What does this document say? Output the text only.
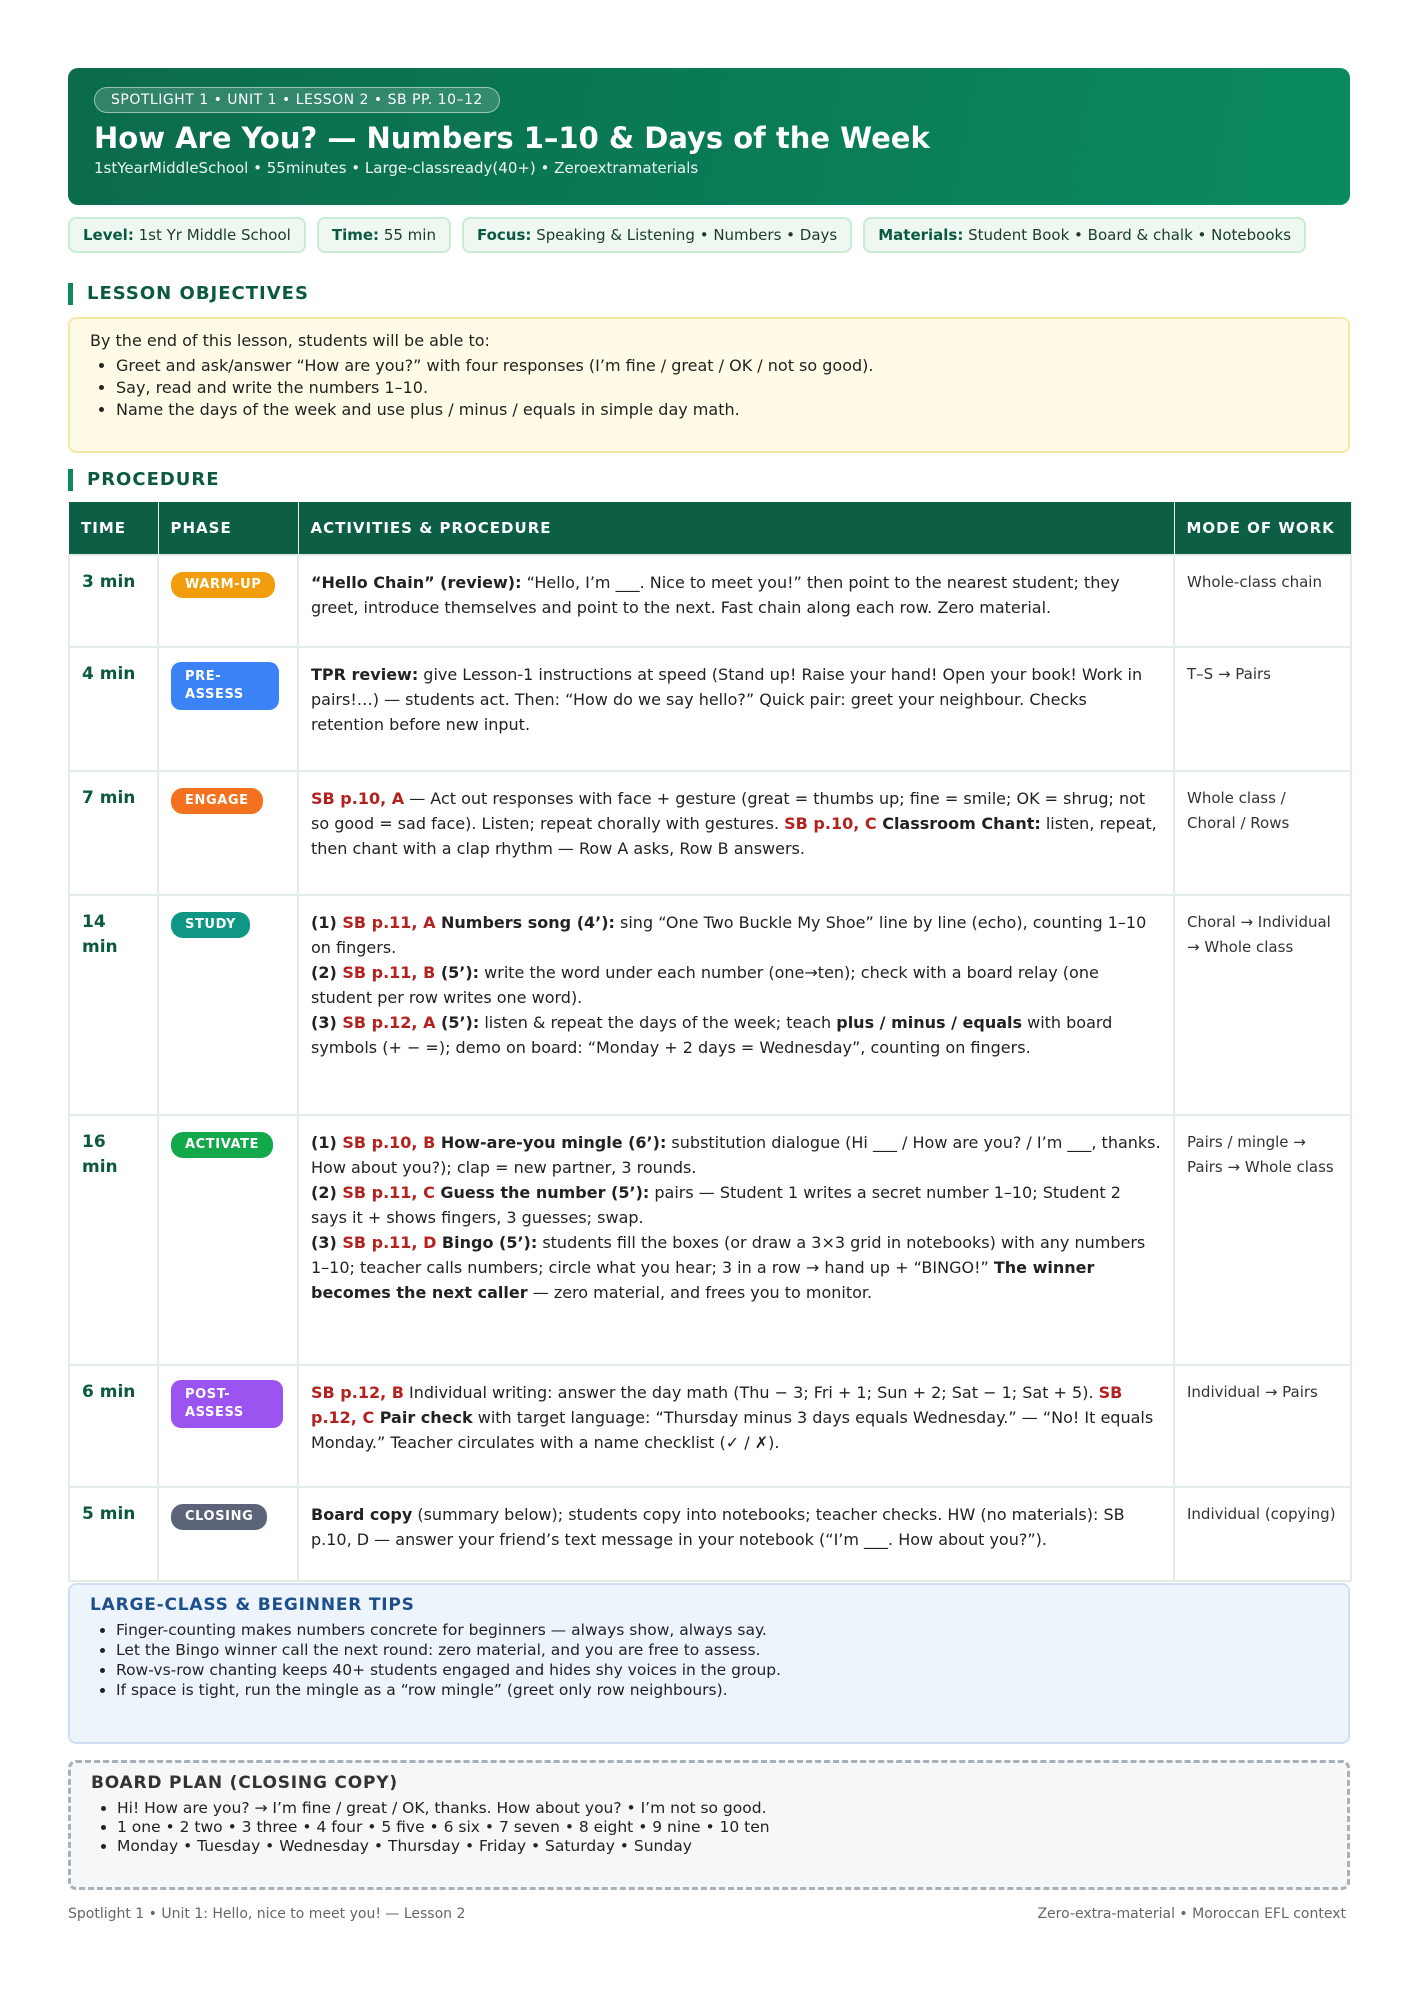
SPOTLIGHT 1 • UNIT 1 • LESSON 2 • SB PP. 10–12
How Are You? — Numbers 1–10 & Days of the Week
1stYearMiddleSchool • 55minutes • Large-classready(40+) • Zeroextramaterials
Level: 1st Yr Middle School	Time: 55 min	Focus: Speaking & Listening • Numbers • Days	Materials: Student Book • Board & chalk • Notebooks
LESSON OBJECTIVES
By the end of this lesson, students will be able to:
• Greet and ask/answer “How are you?” with four responses (I’m fine / great / OK / not so good).
• Say, read and write the numbers 1–10.
• Name the days of the week and use plus / minus / equals in simple day math.
PROCEDURE
TIME	PHASE	ACTIVITIES & PROCEDURE	MODE OF WORK
3 min	WARM-UP	“Hello Chain” (review): “Hello, I’m ___. Nice to meet you!” then point to the nearest student; they greet, introduce themselves and point to the next. Fast chain along each row. Zero material.	Whole-class chain
4 min	PRE-ASSESS	TPR review: give Lesson-1 instructions at speed (Stand up! Raise your hand! Open your book! Work in pairs!…) — students act. Then: “How do we say hello?” Quick pair: greet your neighbour. Checks retention before new input.	T–S → Pairs
7 min	ENGAGE	SB p.10, A — Act out responses with face + gesture (great = thumbs up; fine = smile; OK = shrug; not so good = sad face). Listen; repeat chorally with gestures. SB p.10, C Classroom Chant: listen, repeat, then chant with a clap rhythm — Row A asks, Row B answers.	Whole class / Choral / Rows
14 min	STUDY	(1) SB p.11, A Numbers song (4’): sing “One Two Buckle My Shoe” line by line (echo), counting 1–10 on fingers.
(2) SB p.11, B (5’): write the word under each number (one→ten); check with a board relay (one student per row writes one word).
(3) SB p.12, A (5’): listen & repeat the days of the week; teach plus / minus / equals with board symbols (+ − =); demo on board: “Monday + 2 days = Wednesday”, counting on fingers.	Choral → Individual → Whole class
16 min	ACTIVATE	(1) SB p.10, B How-are-you mingle (6’): substitution dialogue (Hi ___ / How are you? / I’m ___, thanks. How about you?); clap = new partner, 3 rounds.
(2) SB p.11, C Guess the number (5’): pairs — Student 1 writes a secret number 1–10; Student 2 says it + shows fingers, 3 guesses; swap.
(3) SB p.11, D Bingo (5’): students fill the boxes (or draw a 3×3 grid in notebooks) with any numbers 1–10; teacher calls numbers; circle what you hear; 3 in a row → hand up + “BINGO!” The winner becomes the next caller — zero material, and frees you to monitor.	Pairs / mingle → Pairs → Whole class
6 min	POST-ASSESS	SB p.12, B Individual writing: answer the day math (Thu − 3; Fri + 1; Sun + 2; Sat − 1; Sat + 5). SB p.12, C Pair check with target language: “Thursday minus 3 days equals Wednesday.” — “No! It equals Monday.” Teacher circulates with a name checklist (✓ / ✗).	Individual → Pairs
5 min	CLOSING	Board copy (summary below); students copy into notebooks; teacher checks. HW (no materials): SB p.10, D — answer your friend’s text message in your notebook (“I’m ___. How about you?”).	Individual (copying)
LARGE-CLASS & BEGINNER TIPS
• Finger-counting makes numbers concrete for beginners — always show, always say.
• Let the Bingo winner call the next round: zero material, and you are free to assess.
• Row-vs-row chanting keeps 40+ students engaged and hides shy voices in the group.
• If space is tight, run the mingle as a “row mingle” (greet only row neighbours).
BOARD PLAN (CLOSING COPY)
• Hi! How are you? → I’m fine / great / OK, thanks. How about you? • I’m not so good.
• 1 one • 2 two • 3 three • 4 four • 5 five • 6 six • 7 seven • 8 eight • 9 nine • 10 ten
• Monday • Tuesday • Wednesday • Thursday • Friday • Saturday • Sunday
Spotlight 1 • Unit 1: Hello, nice to meet you! — Lesson 2	Zero-extra-material • Moroccan EFL context
